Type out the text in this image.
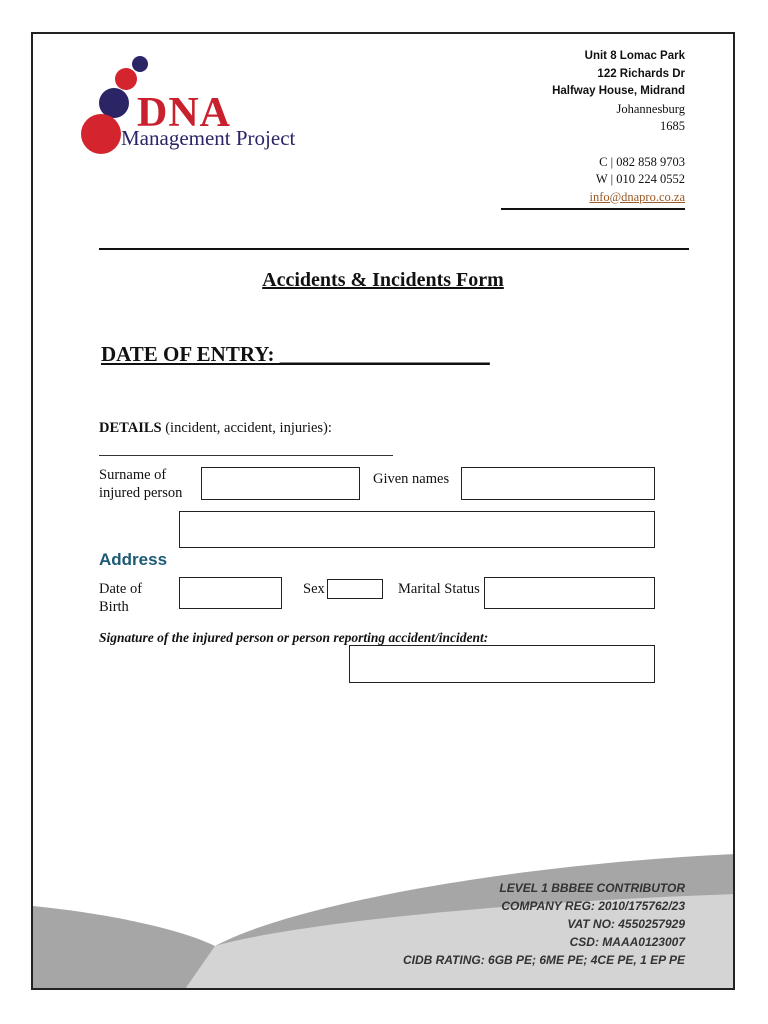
DNA
Management Project
Unit 8 Lomac Park
122 Richards Dr
Halfway House, Midrand
Johannesburg
1685
C | 082 858 9703
W | 010 224 0552
info@dnapro.co.za
Accidents & Incidents Form
DATE OF ENTRY: ____________________
DETAILS (incident, accident, injuries):
Surname of
injured person
Given names
Address
Date of
Birth
Sex	Marital Status
Signature of the injured person or person reporting accident/incident:
LEVEL 1 BBBEE CONTRIBUTOR
COMPANY REG: 2010/175762/23
VAT NO: 4550257929
CSD: MAAA0123007
CIDB RATING: 6GB PE; 6ME PE; 4CE PE, 1 EP PE
